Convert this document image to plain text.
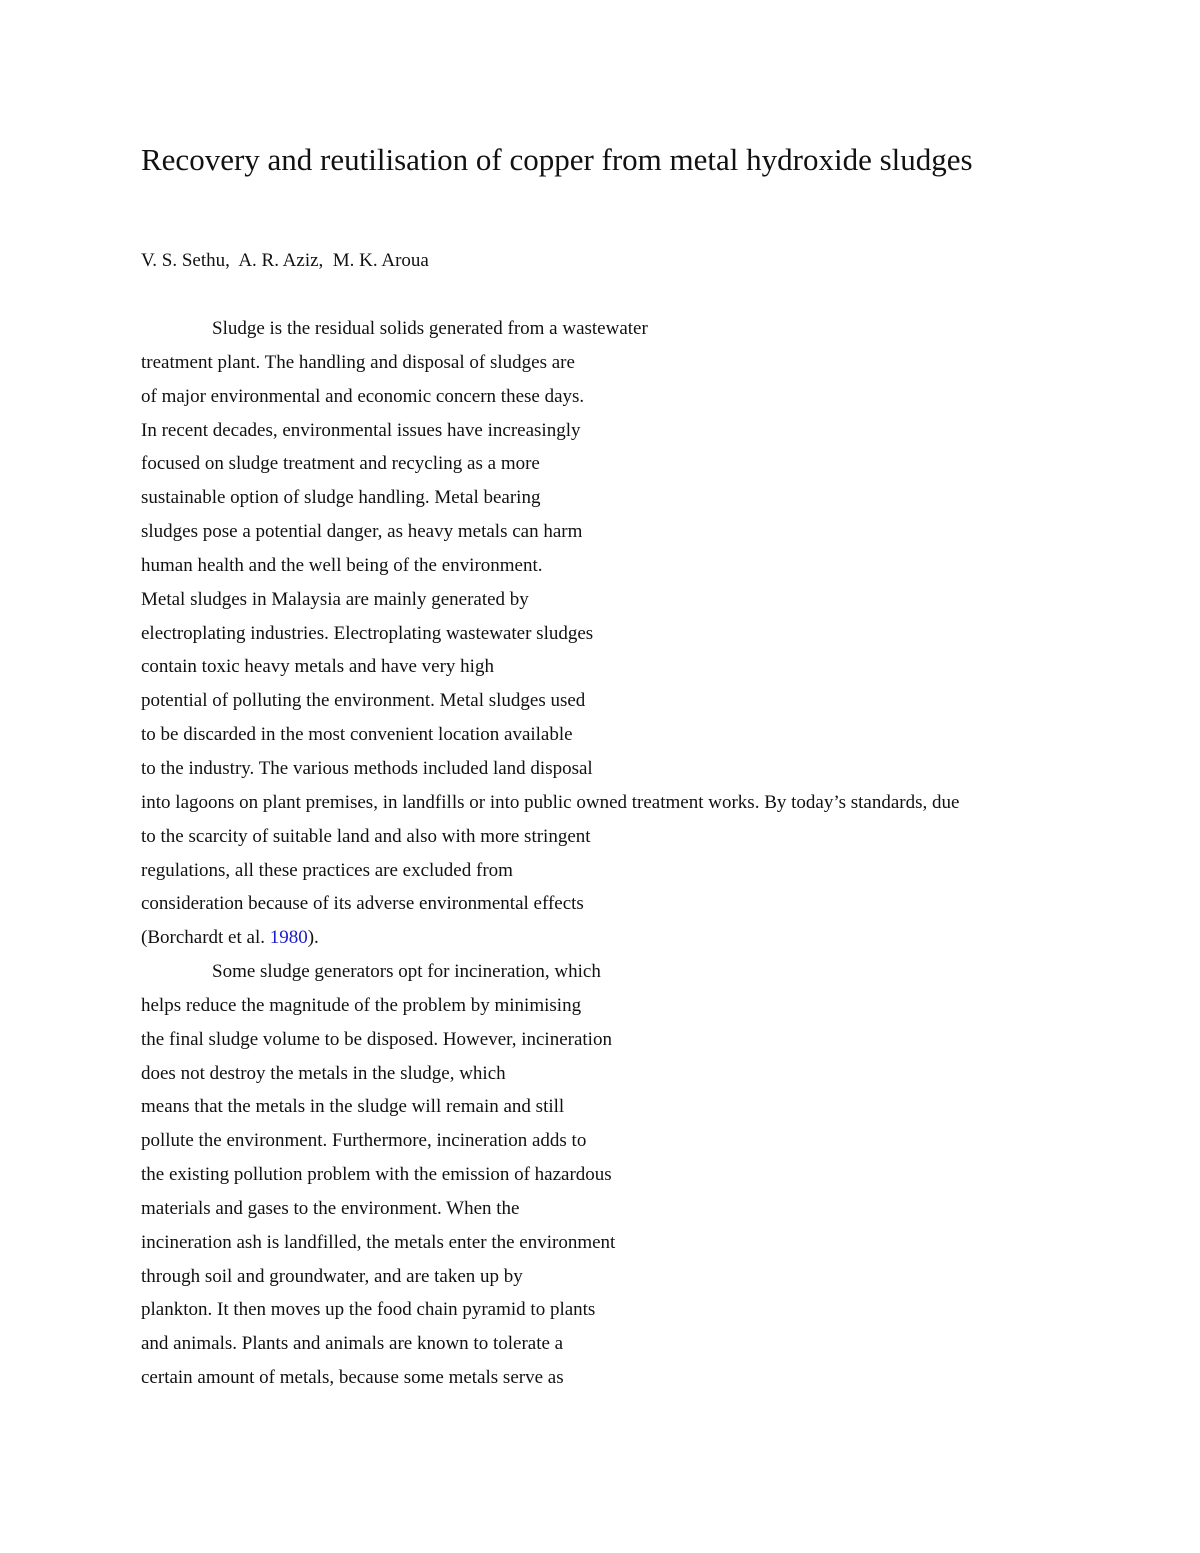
Recovery and reutilisation of copper from metal hydroxide sludges
V. S. Sethu,  A. R. Aziz,  M. K. Aroua
Sludge is the residual solids generated from a wastewater
treatment plant. The handling and disposal of sludges are
of major environmental and economic concern these days.
In recent decades, environmental issues have increasingly
focused on sludge treatment and recycling as a more
sustainable option of sludge handling. Metal bearing
sludges pose a potential danger, as heavy metals can harm
human health and the well being of the environment.
Metal sludges in Malaysia are mainly generated by
electroplating industries. Electroplating wastewater sludges
contain toxic heavy metals and have very high
potential of polluting the environment. Metal sludges used
to be discarded in the most convenient location available
to the industry. The various methods included land disposal
into lagoons on plant premises, in landfills or into public owned treatment works. By today’s standards, due
to the scarcity of suitable land and also with more stringent
regulations, all these practices are excluded from
consideration because of its adverse environmental effects
(Borchardt et al. 1980).
Some sludge generators opt for incineration, which
helps reduce the magnitude of the problem by minimising
the final sludge volume to be disposed. However, incineration
does not destroy the metals in the sludge, which
means that the metals in the sludge will remain and still
pollute the environment. Furthermore, incineration adds to
the existing pollution problem with the emission of hazardous
materials and gases to the environment. When the
incineration ash is landfilled, the metals enter the environment
through soil and groundwater, and are taken up by
plankton. It then moves up the food chain pyramid to plants
and animals. Plants and animals are known to tolerate a
certain amount of metals, because some metals serve as
